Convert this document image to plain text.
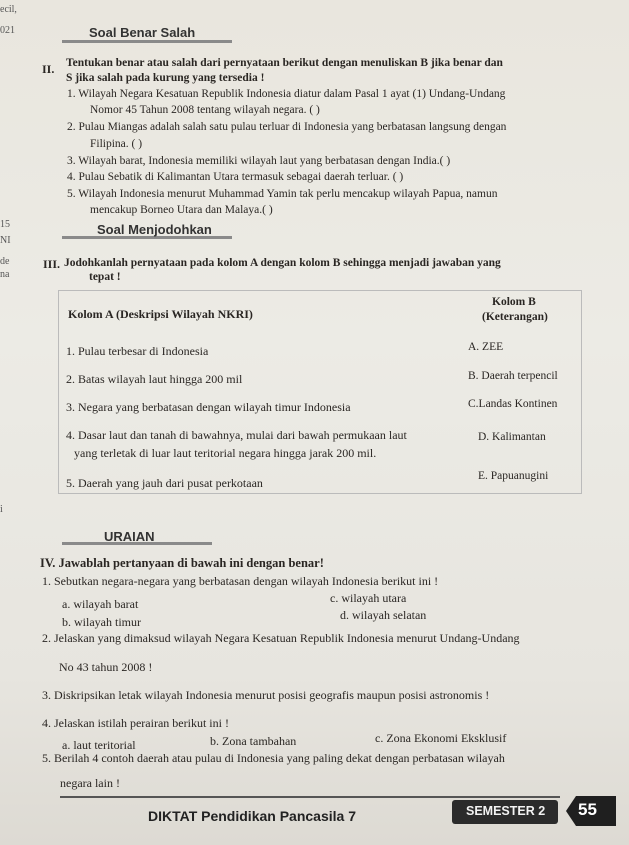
ecil,
021
15
NI
de
na
i
Soal Benar Salah
II. Tentukan benar atau salah dari pernyataan berikut dengan menuliskan B jika benar dan
S jika salah pada kurung yang tersedia !
1. Wilayah Negara Kesatuan Republik Indonesia diatur dalam Pasal 1 ayat (1) Undang-Undang
Nomor 45 Tahun 2008 tentang wilayah negara. ( )
2. Pulau Miangas adalah salah satu pulau terluar di Indonesia yang berbatasan langsung dengan
Filipina. ( )
3. Wilayah barat, Indonesia memiliki wilayah laut yang berbatasan dengan India.( )
4. Pulau Sebatik di Kalimantan Utara termasuk sebagai daerah terluar. ( )
5. Wilayah Indonesia menurut Muhammad Yamin tak perlu mencakup wilayah Papua, namun
mencakup Borneo Utara dan Malaya.( )
Soal Menjodohkan
III. Jodohkanlah pernyataan pada kolom A dengan kolom B sehingga menjadi jawaban yang
tepat !
Kolom A (Deskripsi Wilayah NKRI)
Kolom B
(Keterangan)
1. Pulau terbesar di Indonesia	A. ZEE
2. Batas wilayah laut hingga 200 mil	B. Daerah terpencil
3. Negara yang berbatasan dengan wilayah timur Indonesia	C.Landas Kontinen
4. Dasar laut dan tanah di bawahnya, mulai dari bawah permukaan laut
yang terletak di luar laut teritorial negara hingga jarak 200 mil.
D. Kalimantan
5. Daerah yang jauh dari pusat perkotaan	E. Papuanugini
URAIAN
IV. Jawablah pertanyaan di bawah ini dengan benar!
1. Sebutkan negara-negara yang berbatasan dengan wilayah Indonesia berikut ini !
a. wilayah barat	c. wilayah utara
b. wilayah timur	d. wilayah selatan
2. Jelaskan yang dimaksud wilayah Negara Kesatuan Republik Indonesia menurut Undang-Undang
No 43 tahun 2008 !
3. Diskripsikan letak wilayah Indonesia menurut posisi geografis maupun posisi astronomis !
4. Jelaskan istilah perairan berikut ini !
a. laut teritorial	b. Zona tambahan	c. Zona Ekonomi Eksklusif
5. Berilah 4 contoh daerah atau pulau di Indonesia yang paling dekat dengan perbatasan wilayah
negara lain !
DIKTAT Pendidikan Pancasila 7	SEMESTER 2 55
